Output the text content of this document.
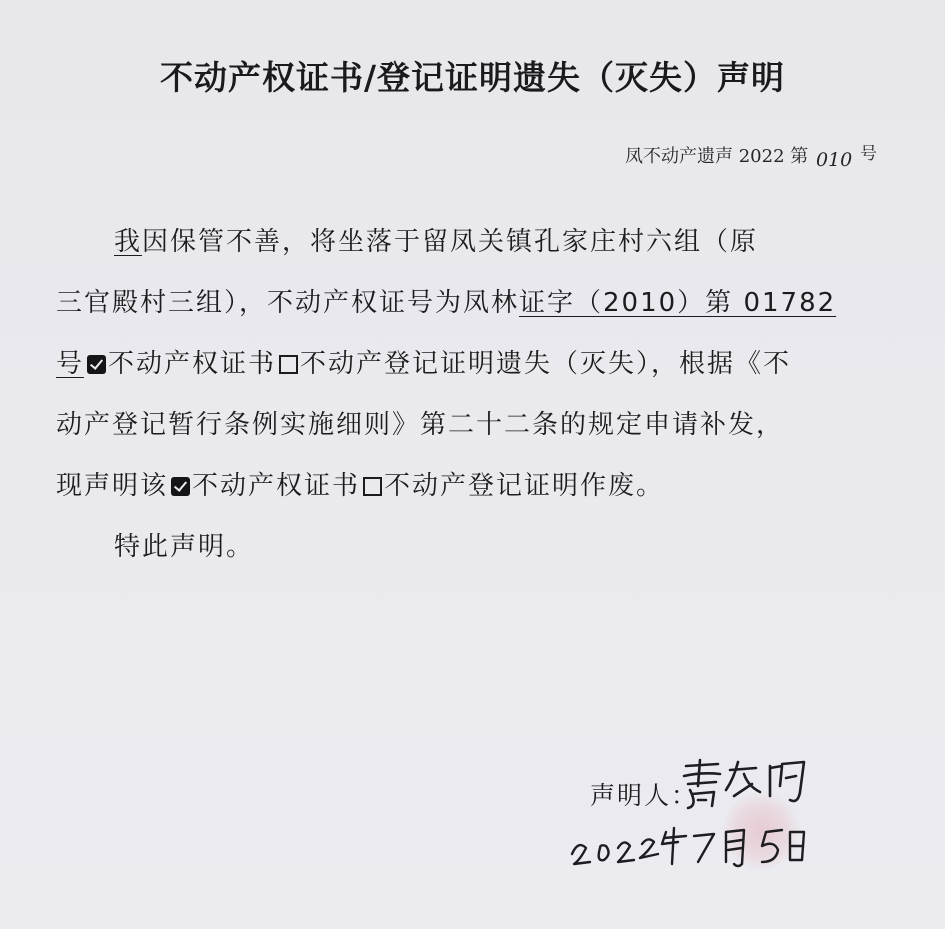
不动产权证书/登记证明遗失（灭失）声明
凤不动产遗声 2022 第 010 号
我因保管不善，将坐落于留凤关镇孔家庄村六组（原
三官殿村三组），不动产权证号为凤林证字（2010）第 01782
号 不动产权证书 不动产登记证明遗失（灭失），根据《不
动产登记暂行条例实施细则》第二十二条的规定申请补发，
现声明该 不动产权证书 不动产登记证明作废。
特此声明。
声明人：
